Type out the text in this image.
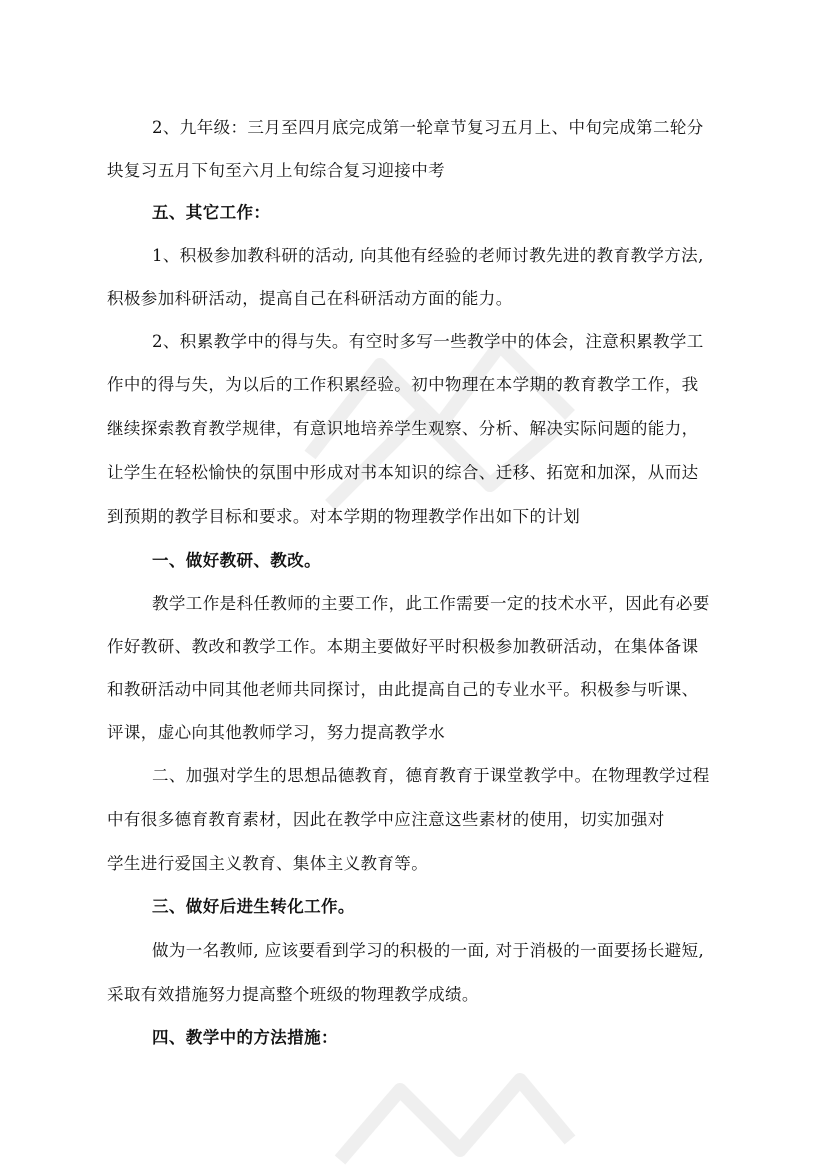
2、九年级：三月至四月底完成第一轮章节复习五月上、中旬完成第二轮分

块复习五月下旬至六月上旬综合复习迎接中考

五、其它工作：

1、积极参加教科研的活动, 向其他有经验的老师讨教先进的教育教学方法,

积极参加科研活动，提高自己在科研活动方面的能力。

2、积累教学中的得与失。有空时多写一些教学中的体会，注意积累教学工

作中的得与失，为以后的工作积累经验。初中物理在本学期的教育教学工作，我

继续探索教育教学规律，有意识地培养学生观察、分析、解决实际问题的能力，

让学生在轻松愉快的氛围中形成对书本知识的综合、迁移、拓宽和加深，从而达

到预期的教学目标和要求。对本学期的物理教学作出如下的计划

一、做好教研、教改。

教学工作是科任教师的主要工作，此工作需要一定的技术水平，因此有必要

作好教研、教改和教学工作。本期主要做好平时积极参加教研活动，在集体备课

和教研活动中同其他老师共同探讨，由此提高自己的专业水平。积极参与听课、

评课，虚心向其他教师学习，努力提高教学水

二、加强对学生的思想品德教育，德育教育于课堂教学中。在物理教学过程

中有很多德育教育素材，因此在教学中应注意这些素材的使用，切实加强对

学生进行爱国主义教育、集体主义教育等。

三、做好后进生转化工作。

做为一名教师, 应该要看到学习的积极的一面, 对于消极的一面要扬长避短,

采取有效措施努力提高整个班级的物理教学成绩。

四、教学中的方法措施：
